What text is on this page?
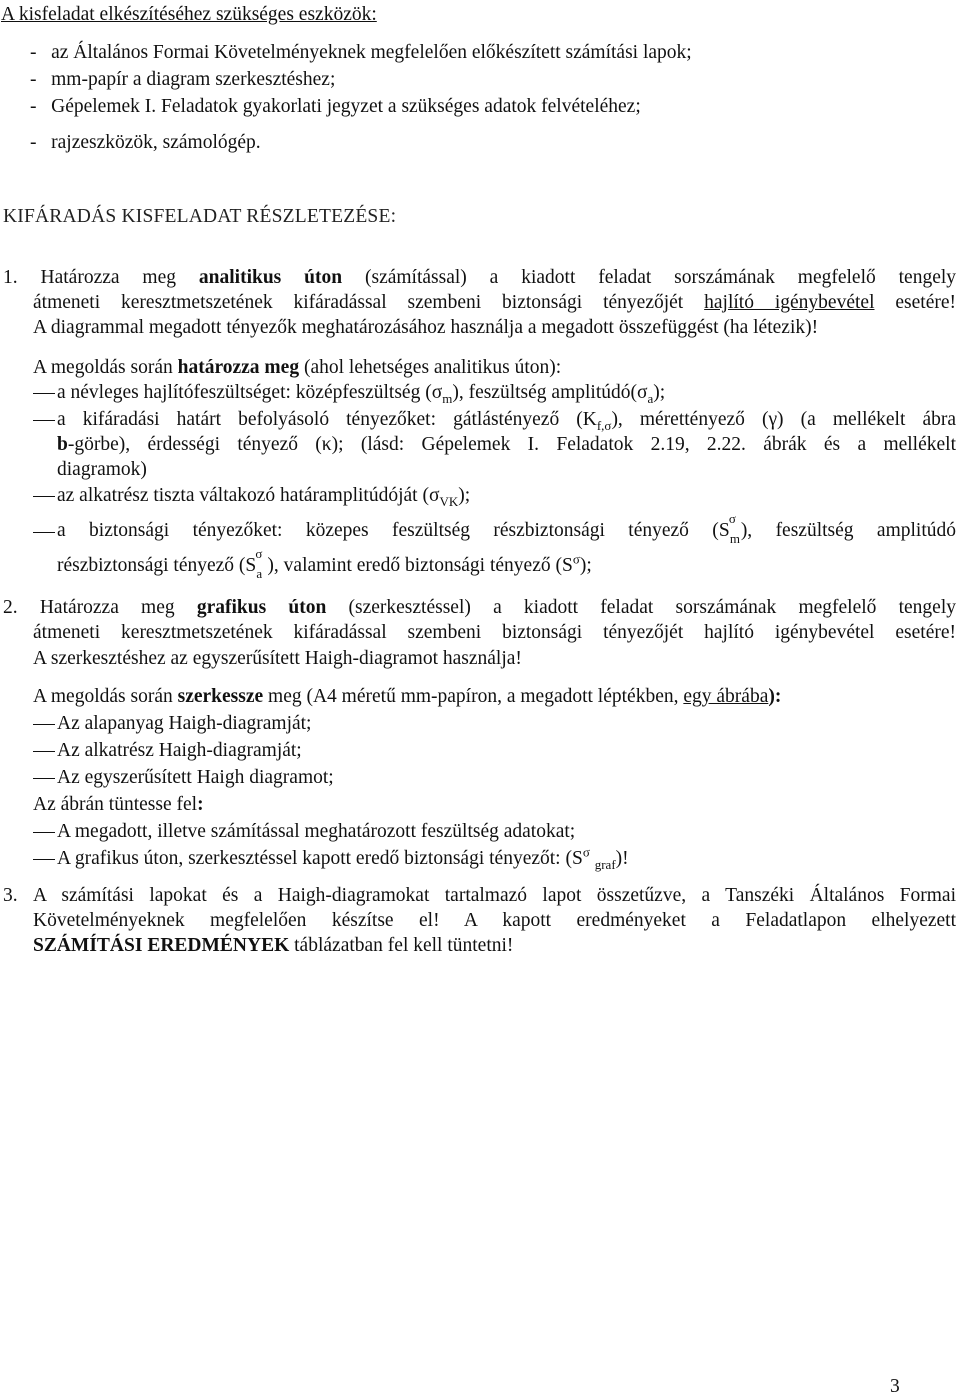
A kisfeladat elkészítéséhez szükséges eszközök:
-   az Általános Formai Követelményeknek megfelelően előkészített számítási lapok;
-   mm-papír a diagram szerkesztéshez;
-   Gépelemek I. Feladatok gyakorlati jegyzet a szükséges adatok felvételéhez;
-   rajzeszközök, számológép.
KIFÁRADÁS KISFELADAT RÉSZLETEZÉSE:
1. Határozza meg analitikus úton (számítással) a kiadott feladat sorszámának megfelelő tengely
átmeneti keresztmetszetének kifáradással szembeni biztonsági tényezőjét hajlító igénybevétel esetére!
A diagrammal megadott tényezők meghatározásához használja a megadott összefüggést (ha létezik)!
A megoldás során határozza meg (ahol lehetséges analitikus úton):
a névleges hajlítófeszültséget: középfeszültség $(\sigma_m)$, feszültség $amplitúdó(\sigma_a)$;
a kifáradási határt befolyásoló tényezőket: gátlástényező $(K_{f,\sigma})$, mérettényező (γ) (a mellékelt ábra
b-görbe), érdességi tényező (κ); (lásd: Gépelemek I. Feladatok 2.19, 2.22. ábrák és a mellékelt
diagramok)
az alkatrész tiszta váltakozó határamplitúdóját $(\sigma_{VK})$;
a biztonsági tényezőket: közepes feszültség részbiztonsági tényező (S
σ
m ), feszültség amplitúdó
részbiztonsági tényező (S
σ
a ), valamint eredő biztonsági tényező $(S^\sigma)$;
2. Határozza meg grafikus úton (szerkesztéssel) a kiadott feladat sorszámának megfelelő tengely
átmeneti keresztmetszetének kifáradással szembeni biztonsági tényezőjét hajlító igénybevétel esetére!
A szerkesztéshez az egyszerűsített Haigh-diagramot használja!
A megoldás során szerkessze meg (A4 méretű mm-papíron, a megadott léptékben, egy ábrába):
Az alapanyag Haigh-diagramját;
Az alkatrész Haigh-diagramját;
Az egyszerűsített Haigh diagramot;
Az ábrán tüntesse fel:
A megadott, illetve számítással meghatározott feszültség adatokat;
A grafikus úton, szerkesztéssel kapott eredő biztonsági tényezőt: ($S^\sigma$ $_{graf}$)!
3. A számítási lapokat és a Haigh-diagramokat tartalmazó lapot összetűzve, a Tanszéki Általános Formai
Követelményeknek megfelelően készítse el! A kapott eredményeket a Feladatlapon elhelyezett
SZÁMÍTÁSI EREDMÉNYEK táblázatban fel kell tüntetni!
3
